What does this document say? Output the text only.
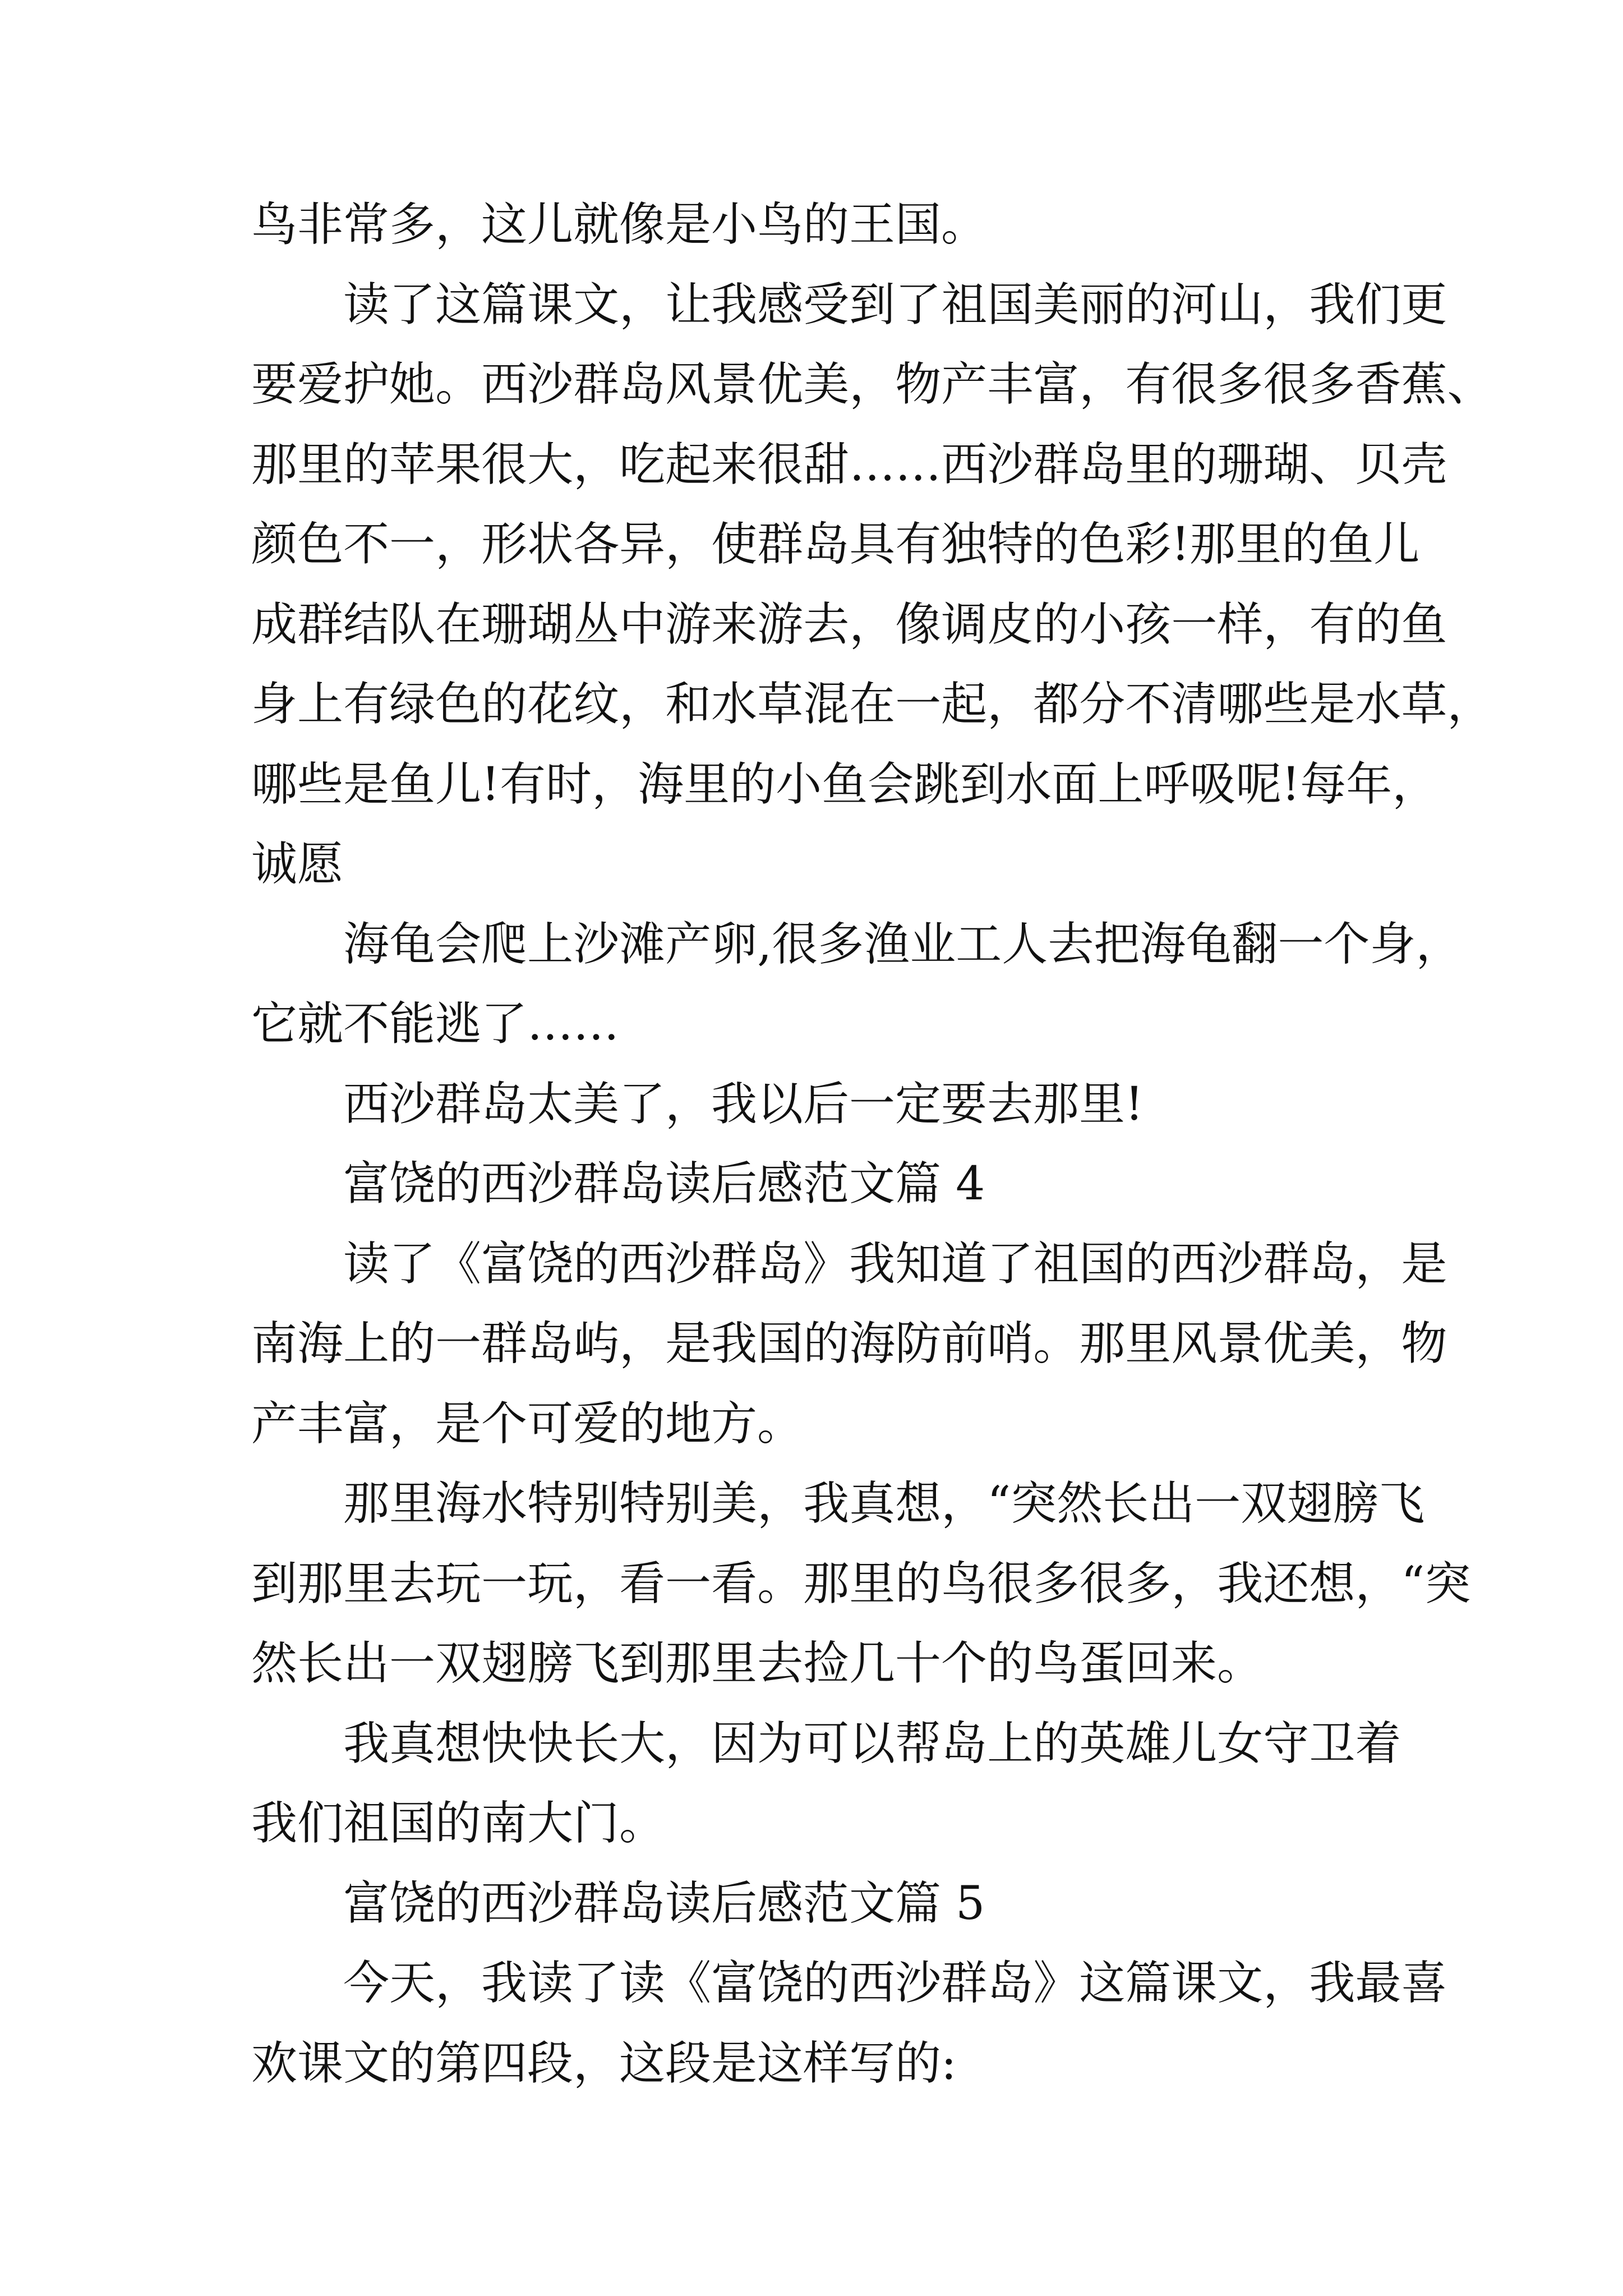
鸟非常多，这儿就像是小鸟的王国。
读 了 这 篇 课 文 ， 让 我 感 受 到 了 祖 国 美 丽 的 河 山 ， 我 们 更
要 爱 护 她 。 西 沙 群 岛 风 景 优 美 ， 物 产 丰 富 ， 有 很 多 很 多 香 蕉 、
那 里 的 苹 果 很 大 ， 吃 起 来 很 甜 … … 西 沙 群 岛 里 的 珊 瑚 、 贝 壳
颜 色 不 一 ， 形 状 各 异 ， 使 群 岛 具 有 独 特 的 色 彩 ! 那 里 的 鱼 儿
成 群 结 队 在 珊 瑚 丛 中 游 来 游 去 ， 像 调 皮 的 小 孩 一 样 ， 有 的 鱼
身 上 有 绿 色 的 花 纹 ， 和 水 草 混 在 一 起 ， 都 分 不 清 哪 些 是 水 草 ，
哪 些 是 鱼 儿 ! 有 时 ， 海 里 的 小 鱼 会 跳 到 水 面 上 呼 吸 呢 ! 每 年 ，
诚愿
海 龟 会 爬 上 沙 滩 产 卵 , 很 多 渔 业 工 人 去 把 海 龟 翻 一 个 身 ，
它就不能逃了……
西沙群岛太美了，我以后一定要去那里!
富饶的西沙群岛读后感范文篇 4
读 了 《 富 饶 的 西 沙 群 岛 》 我 知 道 了 祖 国 的 西 沙 群 岛 ， 是
南 海 上 的 一 群 岛 屿 ， 是 我 国 的 海 防 前 哨 。 那 里 风 景 优 美 ， 物
产丰富，是个可爱的地方。
那 里 海 水 特 别 特 别 美 ， 我 真 想 ， “ 突 然 长 出 一 双 翅 膀 飞
到 那 里 去 玩 一 玩 ， 看 一 看 。 那 里 的 鸟 很 多 很 多 ， 我 还 想 ， “ 突
然长出一双翅膀飞到那里去捡几十个的鸟蛋回来。
我 真 想 快 快 长 大 ， 因 为 可 以 帮 岛 上 的 英 雄 儿 女 守 卫 着
我们祖国的南大门。
富饶的西沙群岛读后感范文篇 5
今 天 ， 我 读 了 读 《 富 饶 的 西 沙 群 岛 》 这 篇 课 文 ， 我 最 喜
欢课文的第四段，这段是这样写的:
